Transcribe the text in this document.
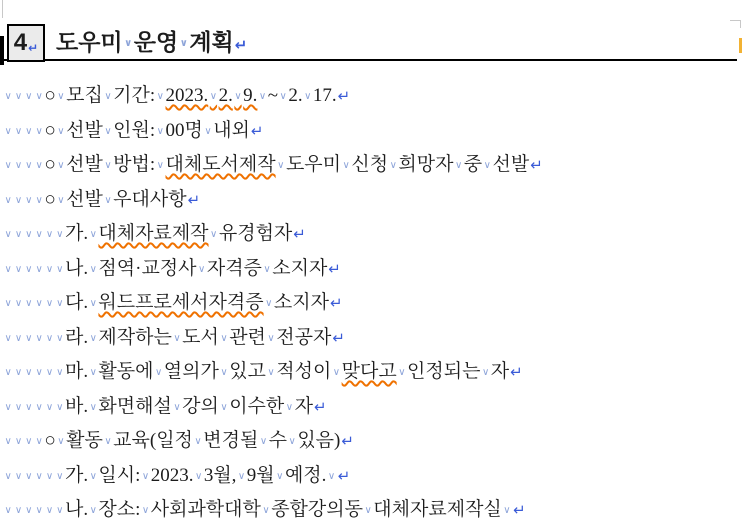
4 ↵ 도우미 ∨운영 ∨계획↵
∨ ∨ ∨ ∨○ ∨모집 ∨기간: ∨2023. ∨2. ∨9. ∨~ ∨2. ∨17.↵
∨ ∨ ∨ ∨○ ∨선발 ∨인원: ∨00명 ∨내외↵
∨ ∨ ∨ ∨○ ∨선발 ∨방법: ∨대체도서제작 ∨도우미 ∨신청 ∨희망자 ∨중 ∨선발↵
∨ ∨ ∨ ∨○ ∨선발 ∨우대사항↵
∨ ∨ ∨ ∨ ∨ ∨가. ∨대체자료제작 ∨유경험자↵
∨ ∨ ∨ ∨ ∨ ∨나. ∨점역·교정사 ∨자격증 ∨소지자↵
∨ ∨ ∨ ∨ ∨ ∨다. ∨워드프로세서자격증 ∨소지자↵
∨ ∨ ∨ ∨ ∨ ∨라. ∨제작하는 ∨도서 ∨관련 ∨전공자↵
∨ ∨ ∨ ∨ ∨ ∨마. ∨활동에 ∨열의가 ∨있고 ∨적성이 ∨맞다고 ∨인정되는 ∨자↵
∨ ∨ ∨ ∨ ∨ ∨바. ∨화면해설 ∨강의 ∨이수한 ∨자↵
∨ ∨ ∨ ∨○ ∨활동 ∨교육(일정 ∨변경될 ∨수 ∨있음)↵
∨ ∨ ∨ ∨ ∨ ∨가. ∨일시: ∨2023. ∨3월, ∨9월 ∨예정. ∨ ↵
∨ ∨ ∨ ∨ ∨ ∨나. ∨장소: ∨사회과학대학 ∨종합강의동 ∨대체자료제작실 ∨ ↵
